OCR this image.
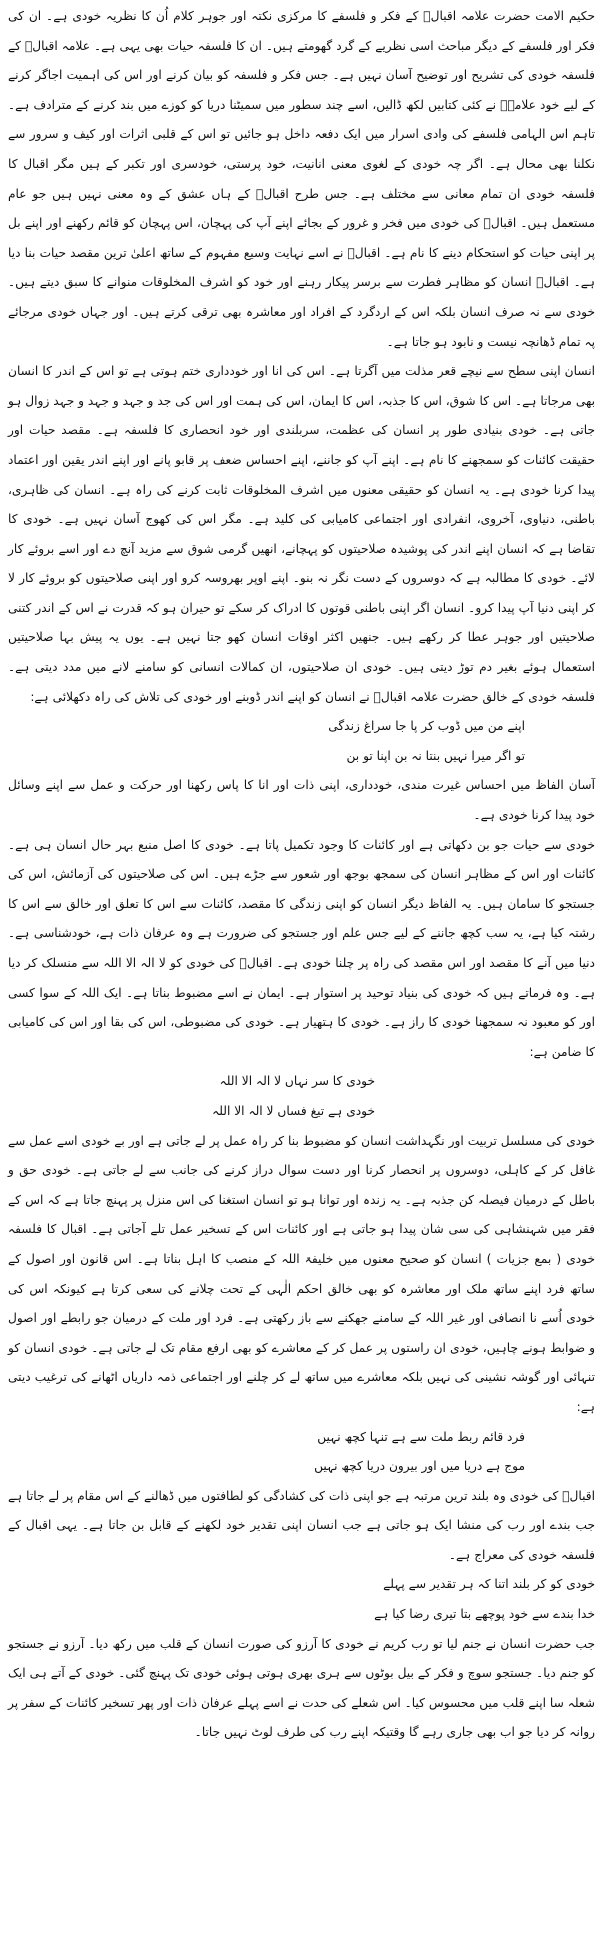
حکیم الامت حضرت علامہ اقبالؒ کے فکر و فلسفے کا مرکزی نکتہ اور جوہر کلام اُن کا نظریہ خودی ہے۔ ان کی فکر اور فلسفے کے دیگر مباحث اسی نظریے کے گرد گھومتے ہیں۔ ان کا فلسفہ حیات بھی یہی ہے۔ علامہ اقبالؒ کے فلسفہ خودی کی تشریح اور توضیح آسان نہیں ہے۔ جس فکر و فلسفہ کو بیان کرنے اور اس کی اہمیت اجاگر کرنے کے لیے خود علامہؒ نے کئی کتابیں لکھ ڈالیں، اسے چند سطور میں سمیٹنا دریا کو کوزے میں بند کرنے کے مترادف ہے۔ تاہم اس الہامی فلسفے کی وادی اسرار میں ایک دفعہ داخل ہو جائیں تو اس کے قلبی اثرات اور کیف و سرور سے نکلنا بھی محال ہے۔ اگر چہ خودی کے لغوی معنی انانیت، خود پرستی، خودسری اور تکبر کے ہیں مگر اقبال کا فلسفہ خودی ان تمام معانی سے مختلف ہے۔ جس طرح اقبالؒ کے ہاں عشق کے وہ معنی نہیں ہیں جو عام مستعمل ہیں۔ اقبالؒ کی خودی میں فخر و غرور کے بجائے اپنے آپ کی پہچان، اس پہچان کو قائم رکھنے اور اپنے بل پر اپنی حیات کو استحکام دینے کا نام ہے۔ اقبالؒ نے اسے نہایت وسیع مفہوم کے ساتھ اعلیٰ ترین مقصد حیات بنا دیا ہے۔ اقبالؒ انسان کو مظاہر فطرت سے برسر پیکار رہنے اور خود کو اشرف المخلوقات منوانے کا سبق دیتے ہیں۔ خودی سے نہ صرف انسان بلکہ اس کے اردگرد کے افراد اور معاشرہ بھی ترقی کرتے ہیں۔ اور جہاں خودی مرجائے پہ تمام ڈھانچہ نیست و نابود ہو جاتا ہے۔

انسان اپنی سطح سے نیچے قعر مذلت میں آگرتا ہے۔ اس کی انا اور خودداری ختم ہوتی ہے تو اس کے اندر کا انسان بھی مرجاتا ہے۔ اس کا شوق، اس کا جذبہ، اس کا ایمان، اس کی ہمت اور اس کی جد و جہد و جہد و جہد زوال ہو جاتی ہے۔ خودی بنیادی طور پر انسان کی عظمت، سربلندی اور خود انحصاری کا فلسفہ ہے۔ مقصد حیات اور حقیقت کائنات کو سمجھنے کا نام ہے۔ اپنے آپ کو جاننے، اپنے احساس ضعف پر قابو پانے اور اپنے اندر یقین اور اعتماد پیدا کرنا خودی ہے۔ یہ انسان کو حقیقی معنوں میں اشرف المخلوقات ثابت کرنے کی راہ ہے۔ انسان کی ظاہری، باطنی، دنیاوی، آخروی، انفرادی اور اجتماعی کامیابی کی کلید ہے۔ مگر اس کی کھوج آسان نہیں ہے۔ خودی کا تقاضا ہے کہ انسان اپنے اندر کی پوشیدہ صلاحیتوں کو پہچانے، انھیں گرمی شوق سے مزید آنچ دے اور اسے بروئے کار لائے۔ خودی کا مطالبہ ہے کہ دوسروں کے دست نگر نہ بنو۔ اپنے اوپر بھروسہ کرو اور اپنی صلاحیتوں کو بروئے کار لا کر اپنی دنیا آپ پیدا کرو۔ انسان اگر اپنی باطنی قوتوں کا ادراک کر سکے تو حیران ہو کہ قدرت نے اس کے اندر کتنی صلاحیتیں اور جوہر عطا کر رکھے ہیں۔ جنھیں اکثر اوقات انسان کھو جتا نہیں ہے۔ یوں یہ پیش بہا صلاحیتیں استعمال ہوئے بغیر دم توڑ دیتی ہیں۔ خودی ان صلاحیتوں، ان کمالات انسانی کو سامنے لانے میں مدد دیتی ہے۔ فلسفہ خودی کے خالق حضرت علامہ اقبالؒ نے انسان کو اپنے اندر ڈوبنے اور خودی کی تلاش کی راہ دکھلائی ہے:

اپنے من میں ڈوب کر پا جا سراغ زندگی

تو اگر میرا نہیں بنتا نہ بن اپنا تو بن

آسان الفاظ میں احساس غیرت مندی، خودداری، اپنی ذات اور انا کا پاس رکھنا اور حرکت و عمل سے اپنے وسائل خود پیدا کرنا خودی ہے۔

خودی سے حیات جو بن دکھاتی ہے اور کائنات کا وجود تکمیل پاتا ہے۔ خودی کا اصل منبع بہر حال انسان ہی ہے۔ کائنات اور اس کے مظاہر انسان کی سمجھ بوجھ اور شعور سے جڑے ہیں۔ اس کی صلاحیتوں کی آزمائش، اس کی جستجو کا سامان ہیں۔ یہ الفاظ دیگر انسان کو اپنی زندگی کا مقصد، کائنات سے اس کا تعلق اور خالق سے اس کا رشتہ کیا ہے، یہ سب کچھ جاننے کے لیے جس علم اور جستجو کی ضرورت ہے وہ عرفان ذات ہے، خودشناسی ہے۔ دنیا میں آنے کا مقصد اور اس مقصد کی راہ پر چلنا خودی ہے۔ اقبالؒ کی خودی کو لا الہ الا اللہ سے منسلک کر دیا ہے۔ وہ فرماتے ہیں کہ خودی کی بنیاد توحید پر استوار ہے۔ ایمان نے اسے مضبوط بناتا ہے۔ ایک اللہ کے سوا کسی اور کو معبود نہ سمجھنا خودی کا راز ہے۔ خودی کا ہتھیار ہے۔ خودی کی مضبوطی، اس کی بقا اور اس کی کامیابی کا ضامن ہے:

خودی کا سر نہاں لا الہ الا اللہ

خودی ہے تیغ فساں لا الہ الا اللہ

خودی کی مسلسل تربیت اور نگہداشت انسان کو مضبوط بنا کر راہ عمل پر لے جاتی ہے اور بے خودی اسے عمل سے غافل کر کے کاہلی، دوسروں پر انحصار کرنا اور دست سوال دراز کرنے کی جانب سے لے جاتی ہے۔ خودی حق و باطل کے درمیان فیصلہ کن جذبہ ہے۔ یہ زندہ اور توانا ہو تو انسان استغنا کی اس منزل پر پہنچ جاتا ہے کہ اس کے فقر میں شہنشاہی کی سی شان پیدا ہو جاتی ہے اور کائنات اس کے تسخیر عمل تلے آجاتی ہے۔ اقبال کا فلسفہ خودی ( بمع جزیات ) انسان کو صحیح معنوں میں خلیفۃ اللہ کے منصب کا اہل بناتا ہے۔ اس قانون اور اصول کے ساتھ فرد اپنے ساتھ ملک اور معاشرہ کو بھی خالق احکم الٰہی کے تحت چلانے کی سعی کرتا ہے کیونکہ اس کی خودی اُسے نا انصافی اور غیر اللہ کے سامنے جھکنے سے باز رکھتی ہے۔ فرد اور ملت کے درمیان جو رابطے اور اصول و ضوابط ہونے چاہیں، خودی ان راستوں پر عمل کر کے معاشرے کو بھی ارفع مقام تک لے جاتی ہے۔ خودی انسان کو تنہائی اور گوشہ نشینی کی نہیں بلکہ معاشرے میں ساتھ لے کر چلنے اور اجتماعی ذمہ داریاں اٹھانے کی ترغیب دیتی ہے:

فرد قائم ربط ملت سے ہے تنہا کچھ نہیں

موج ہے دریا میں اور بیرون دریا کچھ نہیں

اقبالؒ کی خودی وہ بلند ترین مرتبہ ہے جو اپنی ذات کی کشادگی کو لطافتوں میں ڈھالنے کے اس مقام پر لے جاتا ہے جب بندے اور رب کی منشا ایک ہو جاتی ہے جب انسان اپنی تقدیر خود لکھنے کے قابل بن جاتا ہے۔ یہی اقبال کے فلسفہ خودی کی معراج ہے۔

خودی کو کر بلند اتنا کہ ہر تقدیر سے پہلے

خدا بندے سے خود پوچھے بتا تیری رضا کیا ہے

جب حضرت انسان نے جنم لیا تو رب کریم نے خودی کا آرزو کی صورت انسان کے قلب میں رکھ دیا۔ آرزو نے جستجو کو جنم دیا۔ جستجو سوچ و فکر کے بیل بوٹوں سے ہری بھری ہوتی ہوئی خودی تک پہنچ گئی۔ خودی کے آتے ہی ایک شعلہ سا اپنے قلب میں محسوس کیا۔ اس شعلے کی حدت نے اسے پہلے عرفان ذات اور پھر تسخیر کائنات کے سفر پر روانہ کر دیا جو اب بھی جاری رہے گا وقتیکہ اپنے رب کی طرف لوٹ نہیں جاتا۔
